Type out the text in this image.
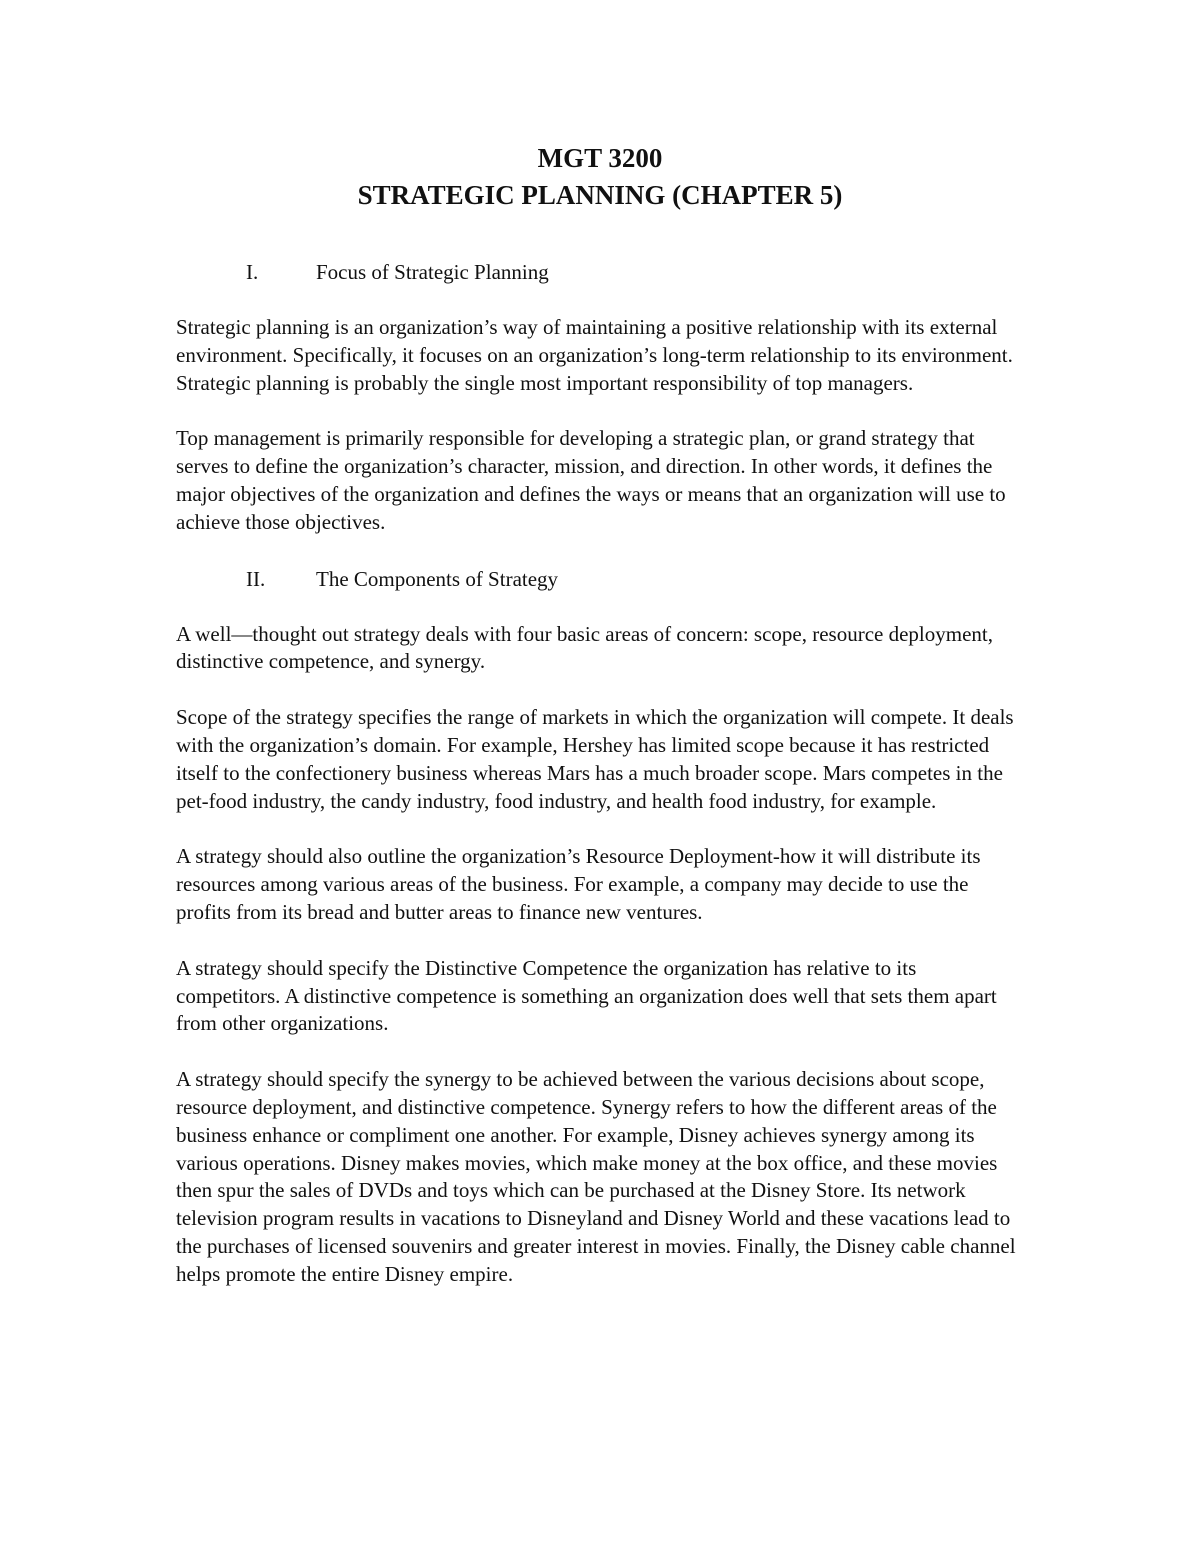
MGT 3200

STRATEGIC PLANNING (CHAPTER 5)

I.	Focus of Strategic Planning

Strategic planning is an organization’s way of maintaining a positive relationship with its external environment. Specifically, it focuses on an organization’s long-term relationship to its environment. Strategic planning is probably the single most important responsibility of top managers.

Top management is primarily responsible for developing a strategic plan, or grand strategy that serves to define the organization’s character, mission, and direction. In other words, it defines the major objectives of the organization and defines the ways or means that an organization will use to achieve those objectives.

II.	The Components of Strategy

A well—thought out strategy deals with four basic areas of concern: scope, resource deployment, distinctive competence, and synergy.

Scope of the strategy specifies the range of markets in which the organization will compete. It deals with the organization’s domain. For example, Hershey has limited scope because it has restricted itself to the confectionery business whereas Mars has a much broader scope. Mars competes in the pet-food industry, the candy industry, food industry, and health food industry, for example.

A strategy should also outline the organization’s Resource Deployment-how it will distribute its resources among various areas of the business. For example, a company may decide to use the profits from its bread and butter areas to finance new ventures.

A strategy should specify the Distinctive Competence the organization has relative to its competitors. A distinctive competence is something an organization does well that sets them apart from other organizations.

A strategy should specify the synergy to be achieved between the various decisions about scope, resource deployment, and distinctive competence. Synergy refers to how the different areas of the business enhance or compliment one another. For example, Disney achieves synergy among its various operations. Disney makes movies, which make money at the box office, and these movies then spur the sales of DVDs and toys which can be purchased at the Disney Store. Its network television program results in vacations to Disneyland and Disney World and these vacations lead to the purchases of licensed souvenirs and greater interest in movies. Finally, the Disney cable channel helps promote the entire Disney empire.
